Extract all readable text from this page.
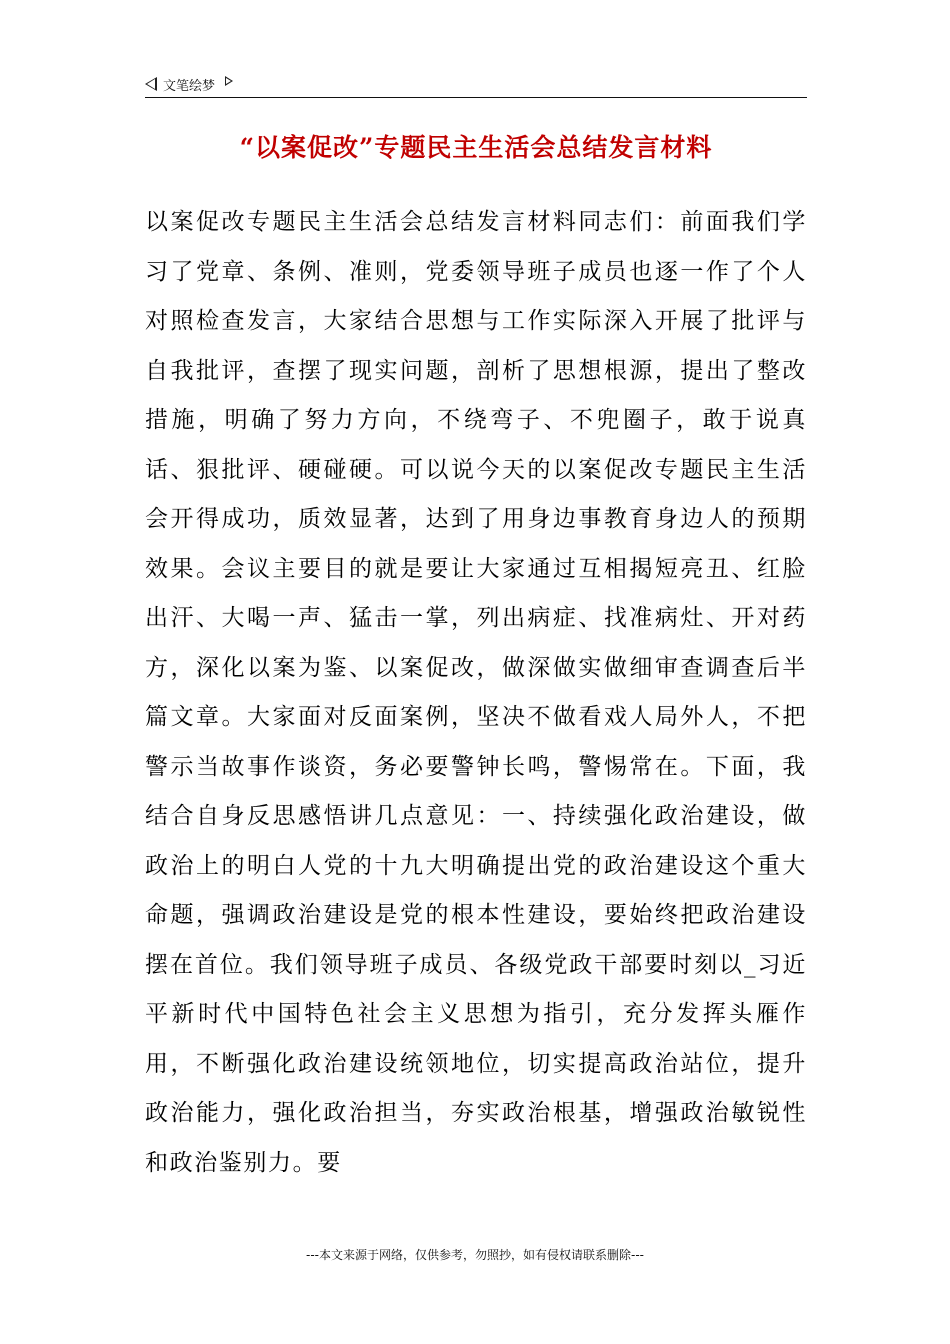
文笔绘梦
“以案促改”专题民主生活会总结发言材料
以案促改专题民主生活会总结发言材料同志们：前面我们学习了党章、条例、准则，党委领导班子成员也逐一作了个人对照检查发言，大家结合思想与工作实际深入开展了批评与自我批评，查摆了现实问题，剖析了思想根源，提出了整改措施，明确了努力方向，不绕弯子、不兜圈子，敢于说真话、狠批评、硬碰硬。可以说今天的以案促改专题民主生活会开得成功，质效显著，达到了用身边事教育身边人的预期效果。会议主要目的就是要让大家通过互相揭短亮丑、红脸出汗、大喝一声、猛击一掌，列出病症、找准病灶、开对药方，深化以案为鉴、以案促改，做深做实做细审查调查后半篇文章。大家面对反面案例，坚决不做看戏人局外人，不把警示当故事作谈资，务必要警钟长鸣，警惕常在。下面，我结合自身反思感悟讲几点意见：一、持续强化政治建设，做政治上的明白人党的十九大明确提出党的政治建设这个重大命题，强调政治建设是党的根本性建设，要始终把政治建设摆在首位。我们领导班子成员、各级党政干部要时刻以_习近平新时代中国特色社会主义思想为指引，充分发挥头雁作用，不断强化政治建设统领地位，切实提高政治站位，提升政治能力，强化政治担当，夯实政治根基，增强政治敏锐性和政治鉴别力。要
---本文来源于网络，仅供参考，勿照抄，如有侵权请联系删除---
